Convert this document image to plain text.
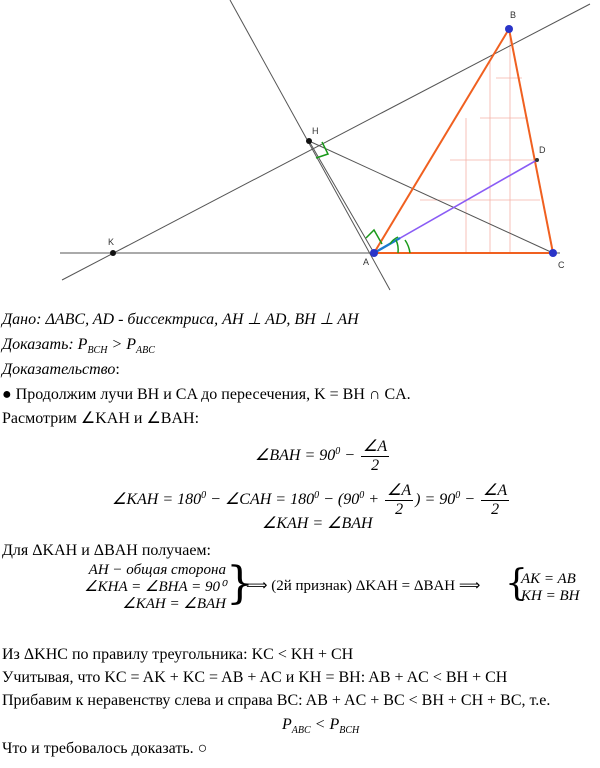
A
B
C
D
H
K
Дано: ΔABC, AD - биссектриса, AH ⊥ AD, BH ⊥ AH
Доказать: $P_{BCH} > P_{ABC}$
Доказательство:
● Продолжим лучи BH и CA до пересечения, K = BH ∩ CA.
Расмотрим ∠KAH и ∠BAH:
∠BAH = $90^0 - \frac{\angle A}{2}$
∠KAH = $180^0$ − ∠CAH = $180^0 - (90^0 + \frac{\angle A}{2}$ ) = $90^0 - \frac{\angle A}{2}$
∠KAH = ∠BAH
Для ΔKAH и ΔBAH получаем:
AH − общая сторона
∠KHA = ∠BHA = 90⁰
∠KAH = ∠BAH }
⟹ (2й признак) ΔKAH = ΔBAH ⟹ {
AK = AB
KH = BH
Из ΔKHC по правилу треугольника: KC < KH + CH
Учитывая, что KC = AK + KC = AB + AC и KH = BH: AB + AC < BH + CH
Прибавим к неравенству слева и справа BC: AB + AC + BC < BH + CH + BC, т.е.
$P_{ABC} < P_{BCH}$
Что и требовалось доказать. ○
